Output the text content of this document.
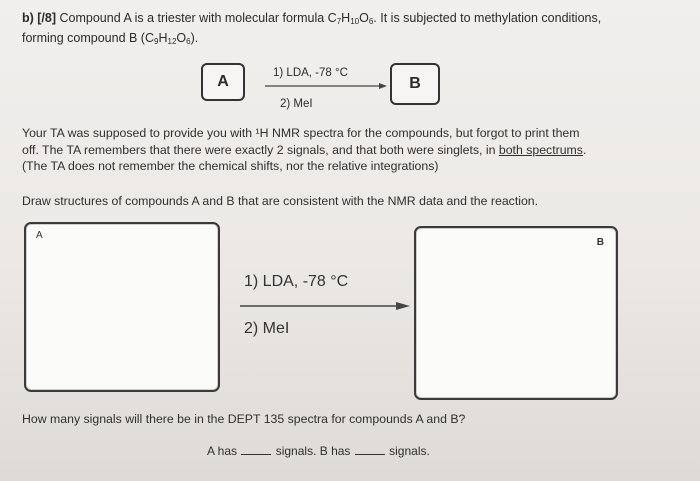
b) [/8] Compound A is a triester with molecular formula $C_7H_{10}O_6$. It is subjected to methylation conditions,
forming compound B $(C_9H_{12}O_6)$.
A	1) LDA, -78 °C
2) MeI
B
Your TA was supposed to provide you with ¹H NMR spectra for the compounds, but forgot to print them
off. The TA remembers that there were exactly 2 signals, and that both were singlets, in both spectrums.
(The TA does not remember the chemical shifts, nor the relative integrations)
Draw structures of compounds A and B that are consistent with the NMR data and the reaction.
A
1) LDA, -78 °C
2) MeI
B
How many signals will there be in the DEPT 135 spectra for compounds A and B?
A has	signals. B has	signals.
